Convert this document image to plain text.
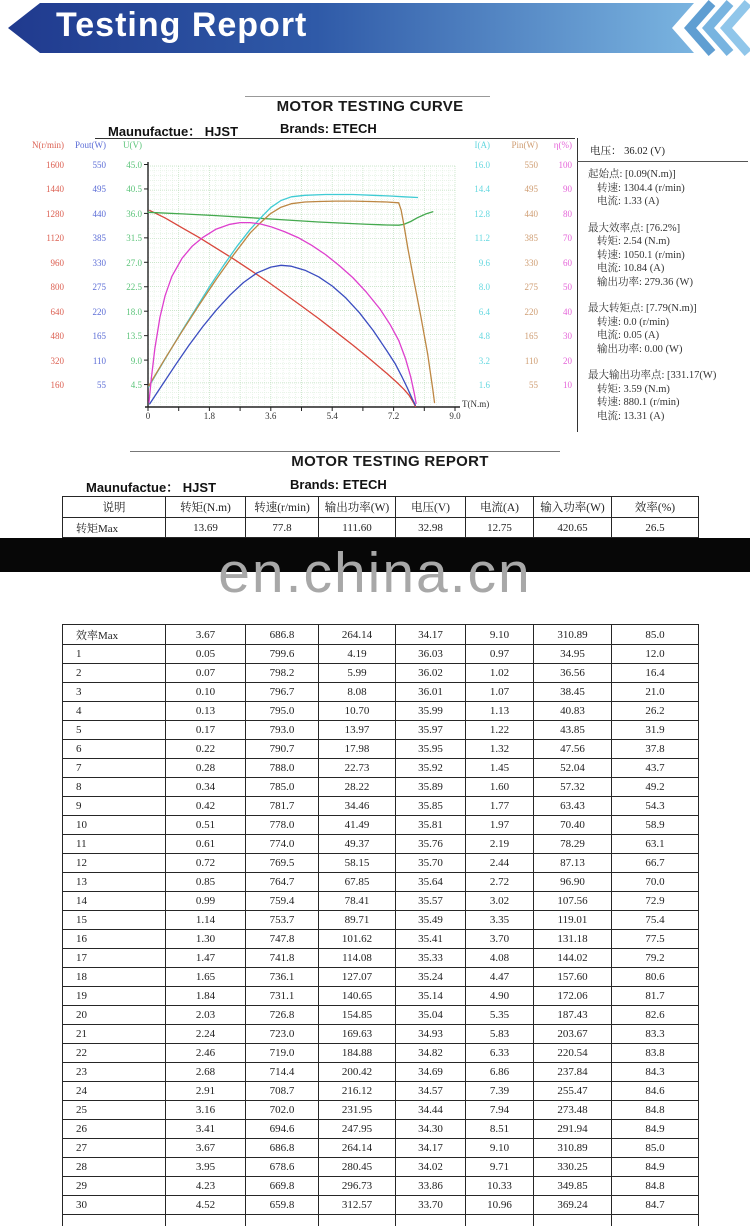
Testing Report
MOTOR TESTING CURVE
Maunufactue： HJST	Brands: ETECH
N(r/min)
1600
1440
1280
1120
960
800
640
480
320
160
Pout(W)
550
495
440
385
330
275
220
165
110
55
U(V)
45.0
40.5
36.0
31.5
27.0
22.5
18.0
13.5
9.0
4.5
I(A)
16.0
14.4
12.8
11.2
9.6
8.0
6.4
4.8
3.2
1.6
Pin(W)
550
495
440
385
330
275
220
165
110
55
η(%)
100
90
80
70
60
50
40
30
20
10
0	1.8	3.6	5.4	7.2	9.0
T(N.m)
电压： 36.02 (V)
起始点: [0.09(N.m)]
转速: 1304.4 (r/min)
电流: 1.33 (A)
最大效率点: [76.2%]
转矩: 2.54 (N.m)
转速: 1050.1 (r/min)
电流: 10.84 (A)
输出功率: 279.36 (W)
最大转矩点: [7.79(N.m)]
转速: 0.0 (r/min)
电流: 0.05 (A)
输出功率: 0.00 (W)
最大输出功率点: [331.17(W)
转矩: 3.59 (N.m)
转速: 880.1 (r/min)
电流: 13.31 (A)
MOTOR TESTING REPORT
Maunufactue： HJST	Brands: ETECH
说明	转矩(N.m)	转速(r/min)	输出功率(W)	电压(V)	电流(A)	输入功率(W)	效率(%)
转矩Max	13.69	77.8	111.60	32.98	12.75	420.65	26.5
en.china.cn
效率Max	3.67	686.8	264.14	34.17	9.10	310.89	85.0
1	0.05	799.6	4.19	36.03	0.97	34.95	12.0
2	0.07	798.2	5.99	36.02	1.02	36.56	16.4
3	0.10	796.7	8.08	36.01	1.07	38.45	21.0
4	0.13	795.0	10.70	35.99	1.13	40.83	26.2
5	0.17	793.0	13.97	35.97	1.22	43.85	31.9
6	0.22	790.7	17.98	35.95	1.32	47.56	37.8
7	0.28	788.0	22.73	35.92	1.45	52.04	43.7
8	0.34	785.0	28.22	35.89	1.60	57.32	49.2
9	0.42	781.7	34.46	35.85	1.77	63.43	54.3
10	0.51	778.0	41.49	35.81	1.97	70.40	58.9
11	0.61	774.0	49.37	35.76	2.19	78.29	63.1
12	0.72	769.5	58.15	35.70	2.44	87.13	66.7
13	0.85	764.7	67.85	35.64	2.72	96.90	70.0
14	0.99	759.4	78.41	35.57	3.02	107.56	72.9
15	1.14	753.7	89.71	35.49	3.35	119.01	75.4
16	1.30	747.8	101.62	35.41	3.70	131.18	77.5
17	1.47	741.8	114.08	35.33	4.08	144.02	79.2
18	1.65	736.1	127.07	35.24	4.47	157.60	80.6
19	1.84	731.1	140.65	35.14	4.90	172.06	81.7
20	2.03	726.8	154.85	35.04	5.35	187.43	82.6
21	2.24	723.0	169.63	34.93	5.83	203.67	83.3
22	2.46	719.0	184.88	34.82	6.33	220.54	83.8
23	2.68	714.4	200.42	34.69	6.86	237.84	84.3
24	2.91	708.7	216.12	34.57	7.39	255.47	84.6
25	3.16	702.0	231.95	34.44	7.94	273.48	84.8
26	3.41	694.6	247.95	34.30	8.51	291.94	84.9
27	3.67	686.8	264.14	34.17	9.10	310.89	85.0
28	3.95	678.6	280.45	34.02	9.71	330.25	84.9
29	4.23	669.8	296.73	33.86	10.33	349.85	84.8
30	4.52	659.8	312.57	33.70	10.96	369.24	84.7
